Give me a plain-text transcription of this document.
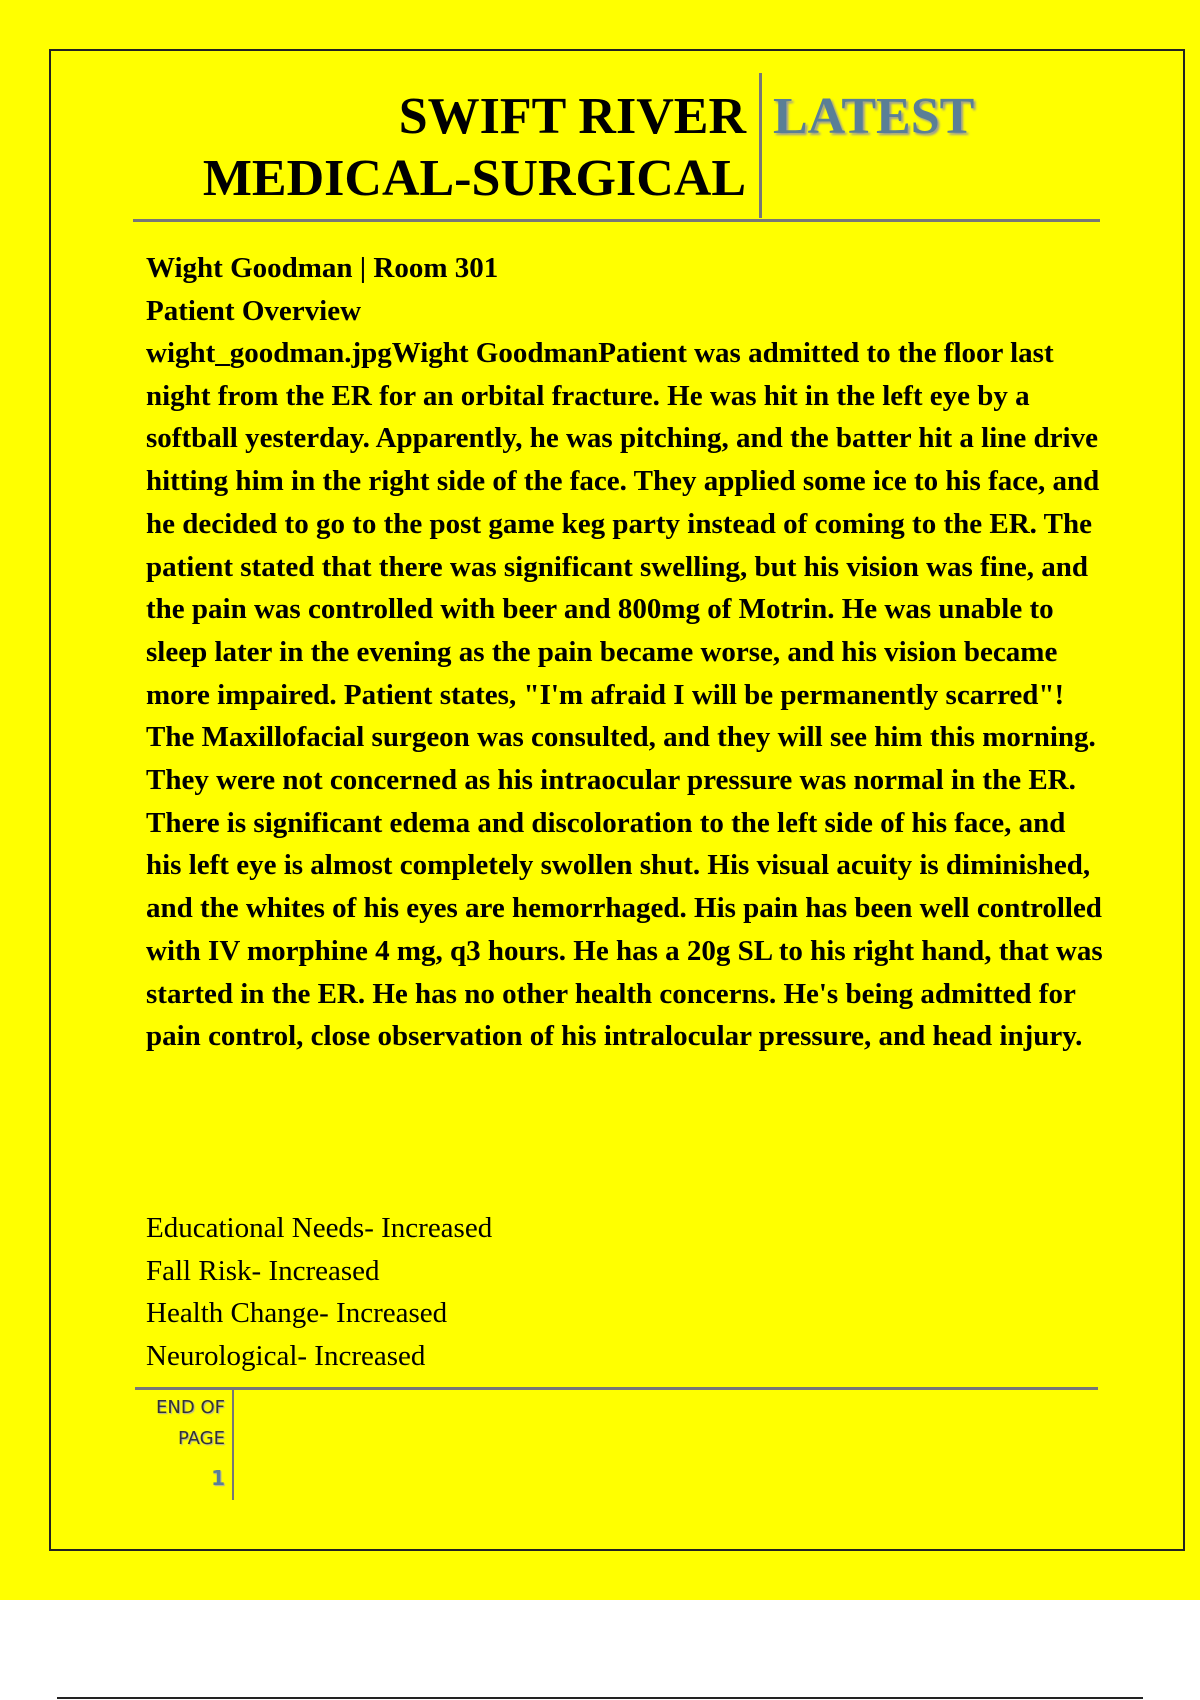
SWIFT RIVER
MEDICAL-SURGICAL
LATEST
Wight Goodman | Room 301
Patient Overview
wight_goodman.jpgWight GoodmanPatient was admitted to the floor last night from the ER for an orbital fracture. He was hit in the left eye by a softball yesterday. Apparently, he was pitching, and the batter hit a line drive hitting him in the right side of the face. They applied some ice to his face, and he decided to go to the post game keg party instead of coming to the ER. The patient stated that there was significant swelling, but his vision was fine, and the pain was controlled with beer and 800mg of Motrin. He was unable to sleep later in the evening as the pain became worse, and his vision became more impaired. Patient states, "I'm afraid I will be permanently scarred"! The Maxillofacial surgeon was consulted, and they will see him this morning. They were not concerned as his intraocular pressure was normal in the ER. There is significant edema and discoloration to the left side of his face, and his left eye is almost completely swollen shut. His visual acuity is diminished, and the whites of his eyes are hemorrhaged. His pain has been well controlled with IV morphine 4 mg, q3 hours. He has a 20g SL to his right hand, that was started in the ER. He has no other health concerns. He's being admitted for pain control, close observation of his intralocular pressure, and head injury.
Educational Needs- Increased
Fall Risk- Increased
Health Change- Increased
Neurological- Increased
END OF
PAGE
1
